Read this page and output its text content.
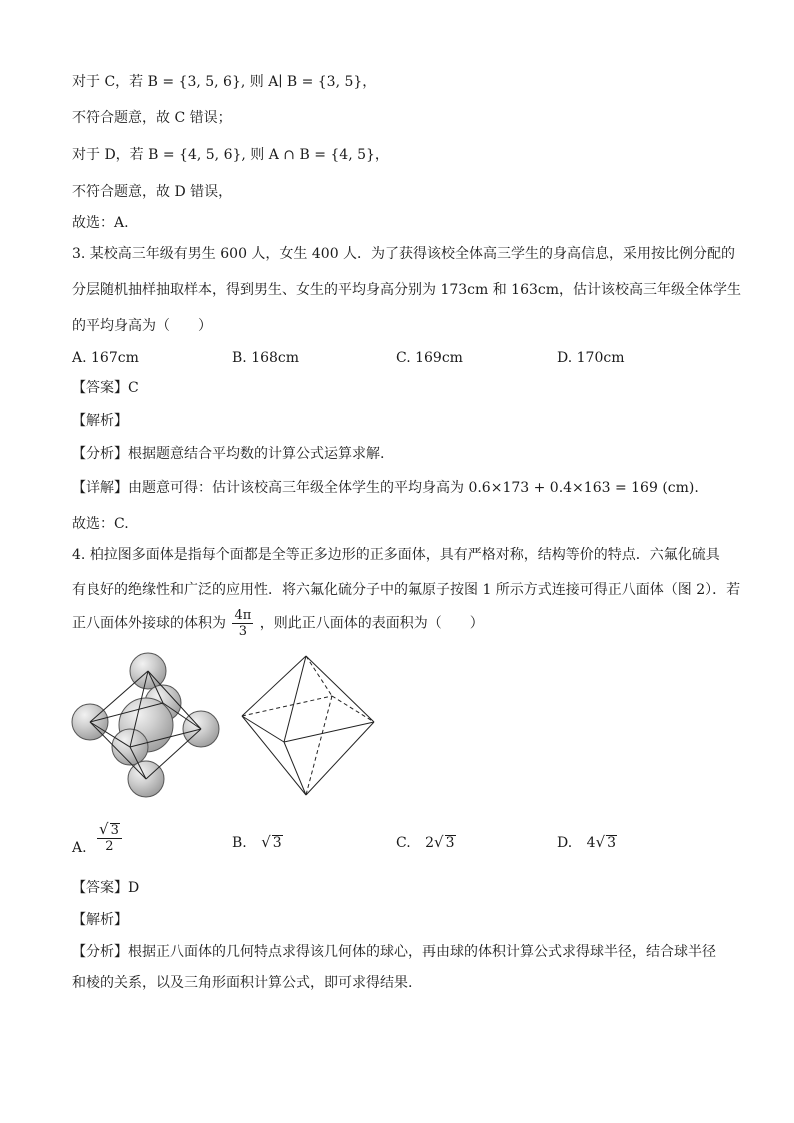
对于 C，若 B = {3, 5, 6}, 则 A∣ B = {3, 5}，
不符合题意，故 C 错误；
对于 D，若 B = {4, 5, 6}, 则 A ∩ B = {4, 5}，
不符合题意，故 D 错误，
故选：A.
3. 某校高三年级有男生 600 人，女生 400 人．为了获得该校全体高三学生的身高信息，采用按比例分配的
分层随机抽样抽取样本，得到男生、女生的平均身高分别为 173cm 和 163cm，估计该校高三年级全体学生
的平均身高为（　　）
A. 167cm	B. 168cm	C. 169cm	D. 170cm
【答案】C
【解析】
【分析】根据题意结合平均数的计算公式运算求解.
【详解】由题意可得：估计该校高三年级全体学生的平均身高为 0.6×173 + 0.4×163 = 169 (cm).
故选：C.
4. 柏拉图多面体是指每个面都是全等正多边形的正多面体，具有严格对称，结构等价的特点．六氟化硫具
有良好的绝缘性和广泛的应用性．将六氟化硫分子中的氟原子按图 1 所示方式连接可得正八面体（图 2）．若
正八面体外接球的体积为 $\frac{4\pi}{3}$ ，则此正八面体的表面积为（　　）
A. $\frac{√ 3}{2}$	B. √ 3	C. 2√ 3	D. 4√ 3
【答案】D
【解析】
【分析】根据正八面体的几何特点求得该几何体的球心，再由球的体积计算公式求得球半径，结合球半径
和棱的关系，以及三角形面积计算公式，即可求得结果.
